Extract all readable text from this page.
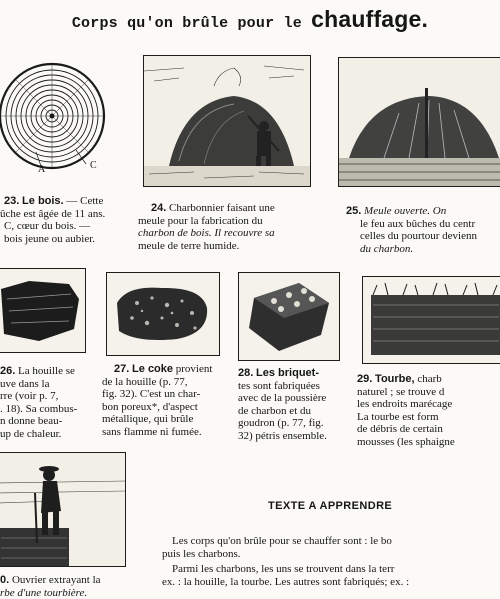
Corps qu'on brûle pour le chauffage.
A	C
23. Le bois. — Cette
ûche est âgée de 11 ans.
C, cœur du bois. —
bois jeune ou aubier.
24. Charbonnier faisant une
meule pour la fabrication du
charbon de bois. Il recouvre sa
meule de terre humide.
25. Meule ouverte. On
le feu aux bûches du centr
celles du pourtour devienn
du charbon.
26. La houille se
uve dans la
rre (voir p. 7,
. 18). Sa combus-
n donne beau-
up de chaleur.
27. Le coke provient
de la houille (p. 77,
fig. 32). C'est un char-
bon poreux*, d'aspect
métallique, qui brûle
sans flamme ni fumée.
28. Les briquet-
tes sont fabriquées
avec de la poussière
de charbon et du
goudron (p. 77, fig.
32) pétris ensemble.
29. Tourbe, charb
naturel ; se trouve d
les endroits marécage
La tourbe est form
de débris de certain
mousses (les sphaigne
0. Ouvrier extrayant la
rbe d'une tourbière.
TEXTE A APPRENDRE
Les corps qu'on brûle pour se chauffer sont : le bo
puis les charbons.
Parmi les charbons, les uns se trouvent dans la terr
ex. : la houille, la tourbe. Les autres sont fabriqués; ex. :
